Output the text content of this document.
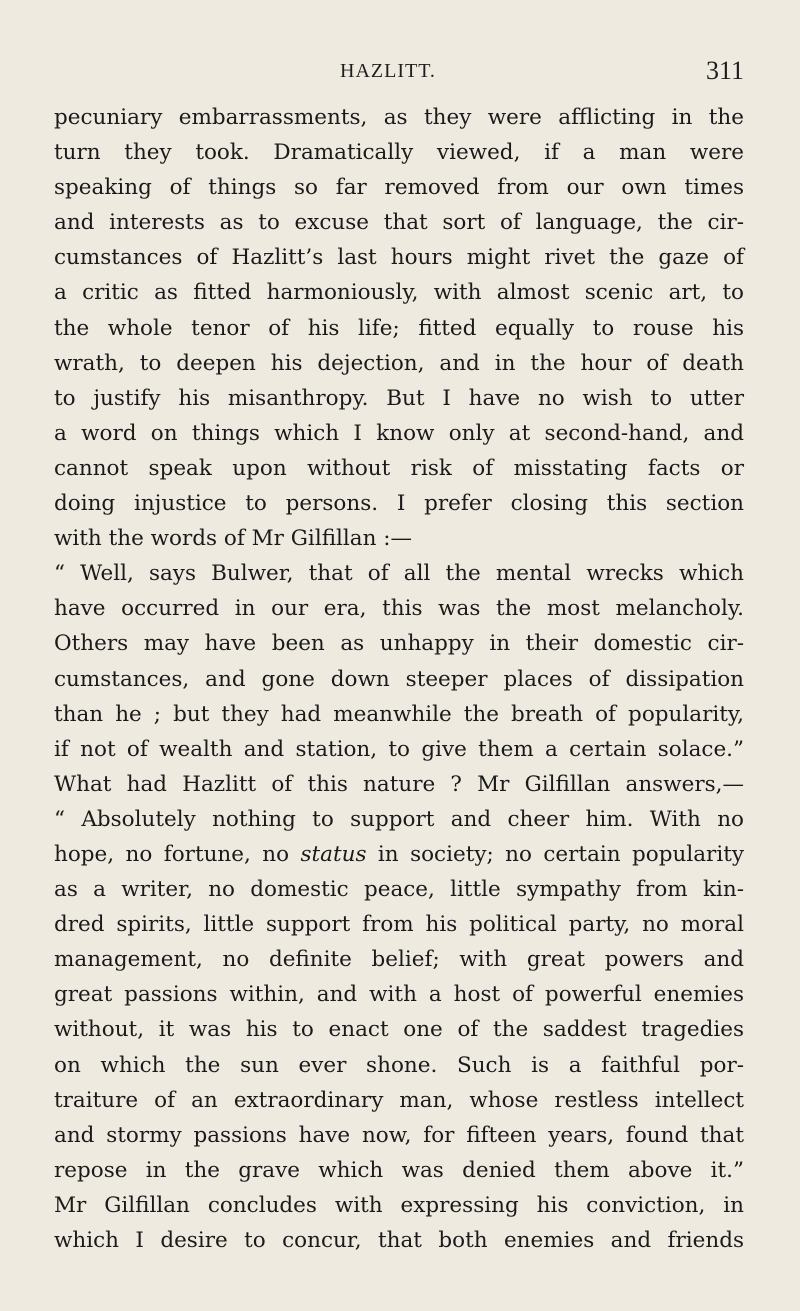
HAZLITT.	311
pecuniary embarrassments, as they were afflicting in the
turn they took. Dramatically viewed, if a man were
speaking of things so far removed from our own times
and interests as to excuse that sort of language, the cir-
cumstances of Hazlitt’s last hours might rivet the gaze of
a critic as fitted harmoniously, with almost scenic art, to
the whole tenor of his life; fitted equally to rouse his
wrath, to deepen his dejection, and in the hour of death
to justify his misanthropy. But I have no wish to utter
a word on things which I know only at second-hand, and
cannot speak upon without risk of misstating facts or
doing injustice to persons. I prefer closing this section
with the words of Mr Gilfillan :—
“ Well, says Bulwer, that of all the mental wrecks which
have occurred in our era, this was the most melancholy.
Others may have been as unhappy in their domestic cir-
cumstances, and gone down steeper places of dissipation
than he ; but they had meanwhile the breath of popularity,
if not of wealth and station, to give them a certain solace.”
What had Hazlitt of this nature ? Mr Gilfillan answers,—
“ Absolutely nothing to support and cheer him. With no
hope, no fortune, no status in society; no certain popularity
as a writer, no domestic peace, little sympathy from kin-
dred spirits, little support from his political party, no moral
management, no definite belief; with great powers and
great passions within, and with a host of powerful enemies
without, it was his to enact one of the saddest tragedies
on which the sun ever shone. Such is a faithful por-
traiture of an extraordinary man, whose restless intellect
and stormy passions have now, for fifteen years, found that
repose in the grave which was denied them above it.”
Mr Gilfillan concludes with expressing his conviction, in
which I desire to concur, that both enemies and friends
